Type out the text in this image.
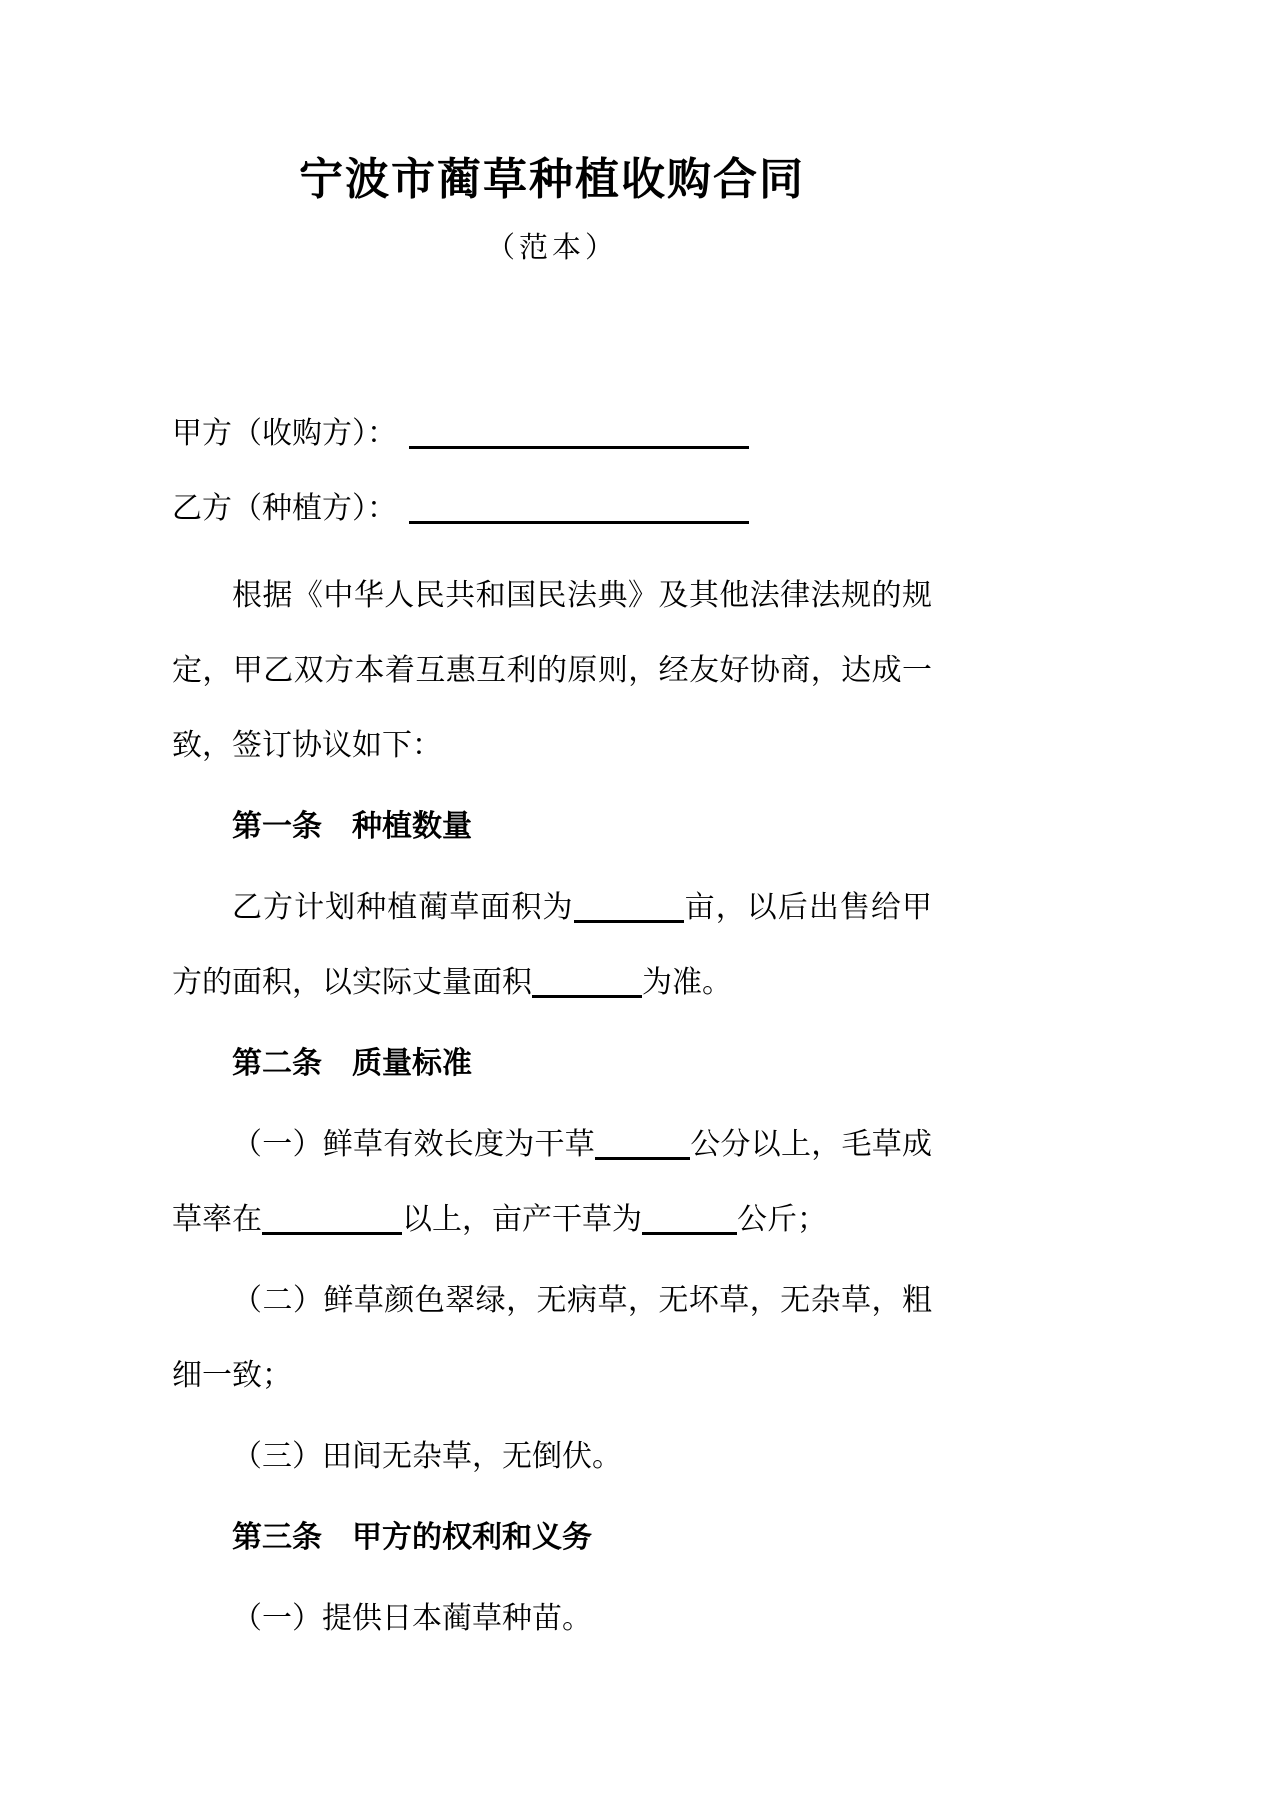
宁波市蔺草种植收购合同
（范本）

甲方（收购方）：

乙方（种植方）：

根据《中华人民共和国民法典》及其他法律法规的规定，甲乙双方本着互惠互利的原则，经友好协商，达成一致，签订协议如下：

第一条　种植数量

乙方计划种植蔺草面积为	亩，以后出售给甲方的面积，以实际丈量面积	为准。

第二条　质量标准

（一）鲜草有效长度为干草	公分以上，毛草成草率在	以上，亩产干草为	公斤；

（二）鲜草颜色翠绿，无病草，无坏草，无杂草，粗细一致；

（三）田间无杂草，无倒伏。

第三条　甲方的权利和义务

（一）提供日本蔺草种苗。
